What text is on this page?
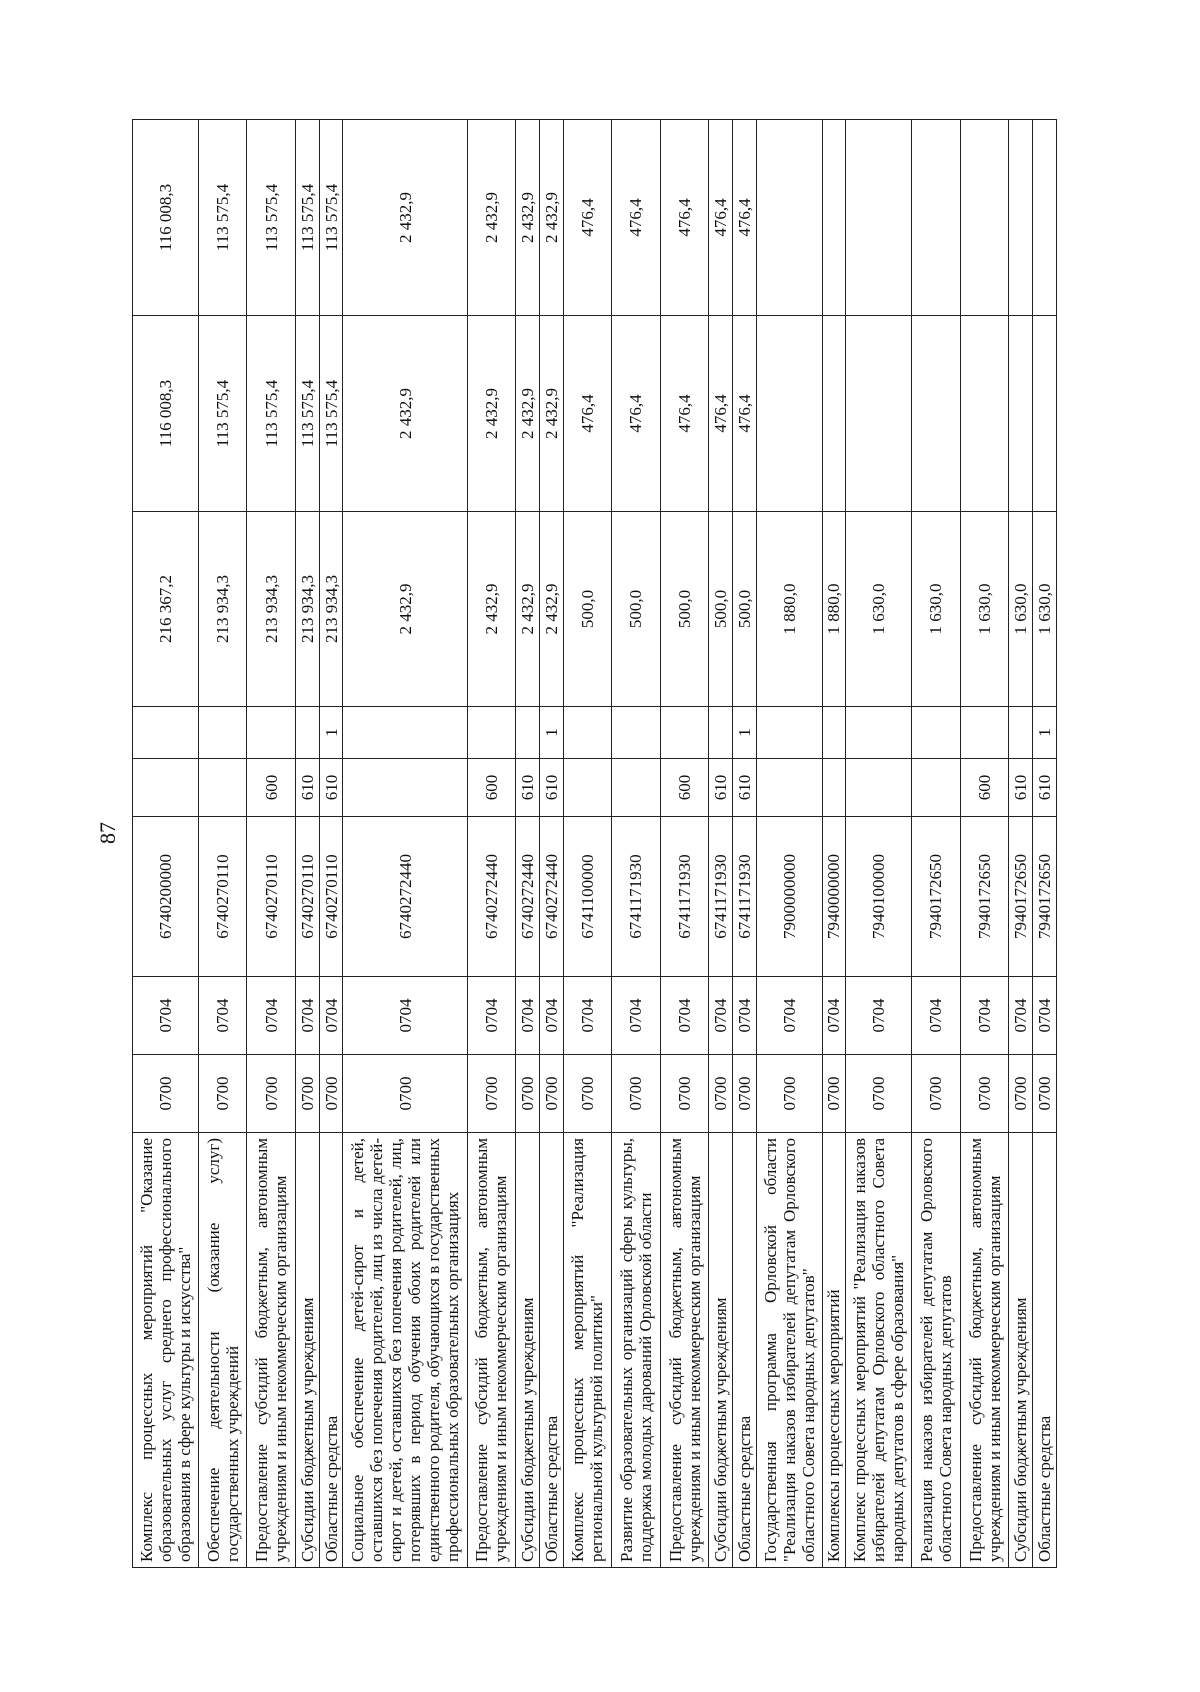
87
Комплекс процессных мероприятий "Оказание образовательных услуг среднего профессионального образования в сфере культуры и искусства"	0700	0704	6740200000			216 367,2	116 008,3	116 008,3
Обеспечение деятельности (оказание услуг) государственных учреждений	0700	0704	6740270110			213 934,3	113 575,4	113 575,4
Предоставление субсидий бюджетным, автономным учреждениям и иным некоммерческим организациям	0700	0704	6740270110	600		213 934,3	113 575,4	113 575,4
Субсидии бюджетным учреждениям	0700	0704	6740270110	610		213 934,3	113 575,4	113 575,4
Областные средства	0700	0704	6740270110	610	1	213 934,3	113 575,4	113 575,4
Социальное обеспечение детей-сирот и детей, оставшихся без попечения родителей, лиц из числа детей-сирот и детей, оставшихся без попечения родителей, лиц, потерявших в период обучения обоих родителей или единственного родителя, обучающихся в государственных профессиональных образовательных организациях	0700	0704	6740272440			2 432,9	2 432,9	2 432,9
Предоставление субсидий бюджетным, автономным учреждениям и иным некоммерческим организациям	0700	0704	6740272440	600		2 432,9	2 432,9	2 432,9
Субсидии бюджетным учреждениям	0700	0704	6740272440	610		2 432,9	2 432,9	2 432,9
Областные средства	0700	0704	6740272440	610	1	2 432,9	2 432,9	2 432,9
Комплекс процессных мероприятий "Реализация региональной культурной политики"	0700	0704	6741100000			500,0	476,4	476,4
Развитие образовательных организаций сферы культуры, поддержка молодых дарований Орловской области	0700	0704	6741171930			500,0	476,4	476,4
Предоставление субсидий бюджетным, автономным учреждениям и иным некоммерческим организациям	0700	0704	6741171930	600		500,0	476,4	476,4
Субсидии бюджетным учреждениям	0700	0704	6741171930	610		500,0	476,4	476,4
Областные средства	0700	0704	6741171930	610	1	500,0	476,4	476,4
Государственная программа Орловской области "Реализация наказов избирателей депутатам Орловского областного Совета народных депутатов"	0700	0704	7900000000			1 880,0		
Комплексы процессных мероприятий	0700	0704	7940000000			1 880,0		
Комплекс процессных мероприятий "Реализация наказов избирателей депутатам Орловского областного Совета народных депутатов в сфере образования"	0700	0704	7940100000			1 630,0		
Реализация наказов избирателей депутатам Орловского областного Совета народных депутатов	0700	0704	7940172650			1 630,0		
Предоставление субсидий бюджетным, автономным учреждениям и иным некоммерческим организациям	0700	0704	7940172650	600		1 630,0		
Субсидии бюджетным учреждениям	0700	0704	7940172650	610		1 630,0		
Областные средства	0700	0704	7940172650	610	1	1 630,0		
